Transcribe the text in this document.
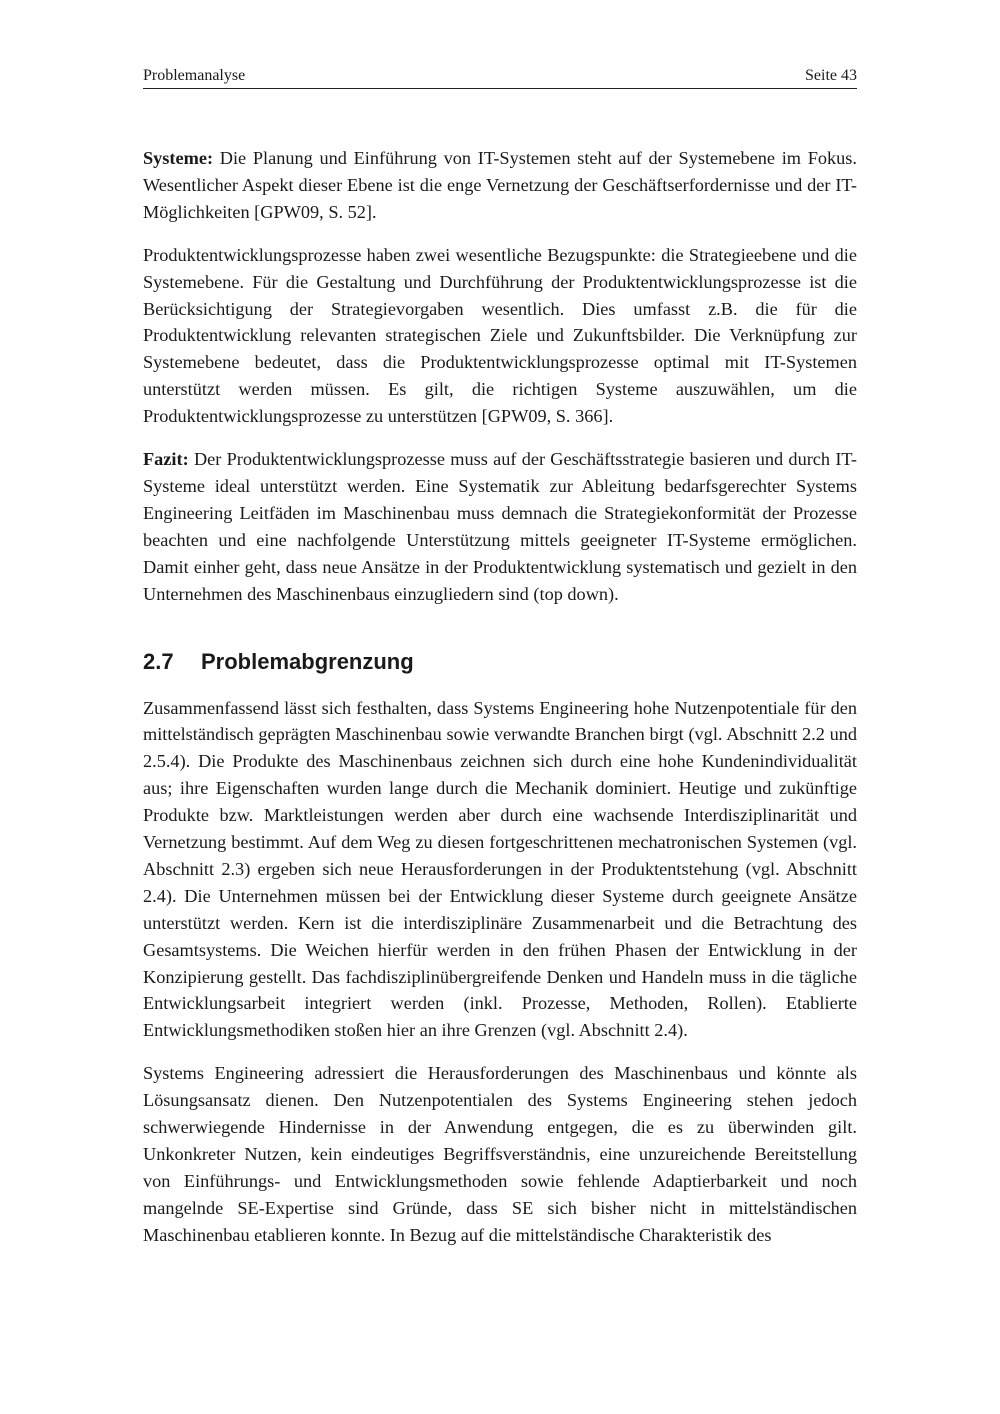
Problemanalyse	Seite 43

Systeme: Die Planung und Einführung von IT-Systemen steht auf der Systemebene im Fokus. Wesentlicher Aspekt dieser Ebene ist die enge Vernetzung der Geschäftserfordernisse und der IT-Möglichkeiten [GPW09, S. 52].

Produktentwicklungsprozesse haben zwei wesentliche Bezugspunkte: die Strategieebene und die Systemebene. Für die Gestaltung und Durchführung der Produktentwicklungsprozesse ist die Berücksichtigung der Strategievorgaben wesentlich. Dies umfasst z.B. die für die Produktentwicklung relevanten strategischen Ziele und Zukunftsbilder. Die Verknüpfung zur Systemebene bedeutet, dass die Produktentwicklungsprozesse optimal mit IT-Systemen unterstützt werden müssen. Es gilt, die richtigen Systeme auszuwählen, um die Produktentwicklungsprozesse zu unterstützen [GPW09, S. 366].

Fazit: Der Produktentwicklungsprozesse muss auf der Geschäftsstrategie basieren und durch IT-Systeme ideal unterstützt werden. Eine Systematik zur Ableitung bedarfsgerechter Systems Engineering Leitfäden im Maschinenbau muss demnach die Strategiekonformität der Prozesse beachten und eine nachfolgende Unterstützung mittels geeigneter IT-Systeme ermöglichen. Damit einher geht, dass neue Ansätze in der Produktentwicklung systematisch und gezielt in den Unternehmen des Maschinenbaus einzugliedern sind (top down).

2.7 Problemabgrenzung

Zusammenfassend lässt sich festhalten, dass Systems Engineering hohe Nutzenpotentiale für den mittelständisch geprägten Maschinenbau sowie verwandte Branchen birgt (vgl. Abschnitt 2.2 und 2.5.4). Die Produkte des Maschinenbaus zeichnen sich durch eine hohe Kundenindividualität aus; ihre Eigenschaften wurden lange durch die Mechanik dominiert. Heutige und zukünftige Produkte bzw. Marktleistungen werden aber durch eine wachsende Interdisziplinarität und Vernetzung bestimmt. Auf dem Weg zu diesen fortgeschrittenen mechatronischen Systemen (vgl. Abschnitt 2.3) ergeben sich neue Herausforderungen in der Produktentstehung (vgl. Abschnitt 2.4). Die Unternehmen müssen bei der Entwicklung dieser Systeme durch geeignete Ansätze unterstützt werden. Kern ist die interdisziplinäre Zusammenarbeit und die Betrachtung des Gesamtsystems. Die Weichen hierfür werden in den frühen Phasen der Entwicklung in der Konzipierung gestellt. Das fachdisziplinübergreifende Denken und Handeln muss in die tägliche Entwicklungsarbeit integriert werden (inkl. Prozesse, Methoden, Rollen). Etablierte Entwicklungsmethodiken stoßen hier an ihre Grenzen (vgl. Abschnitt 2.4).

Systems Engineering adressiert die Herausforderungen des Maschinenbaus und könnte als Lösungsansatz dienen. Den Nutzenpotentialen des Systems Engineering stehen jedoch schwerwiegende Hindernisse in der Anwendung entgegen, die es zu überwinden gilt. Unkonkreter Nutzen, kein eindeutiges Begriffsverständnis, eine unzureichende Bereitstellung von Einführungs- und Entwicklungsmethoden sowie fehlende Adaptierbarkeit und noch mangelnde SE-Expertise sind Gründe, dass SE sich bisher nicht in mittelständischen Maschinenbau etablieren konnte. In Bezug auf die mittelständische Charakteristik des
